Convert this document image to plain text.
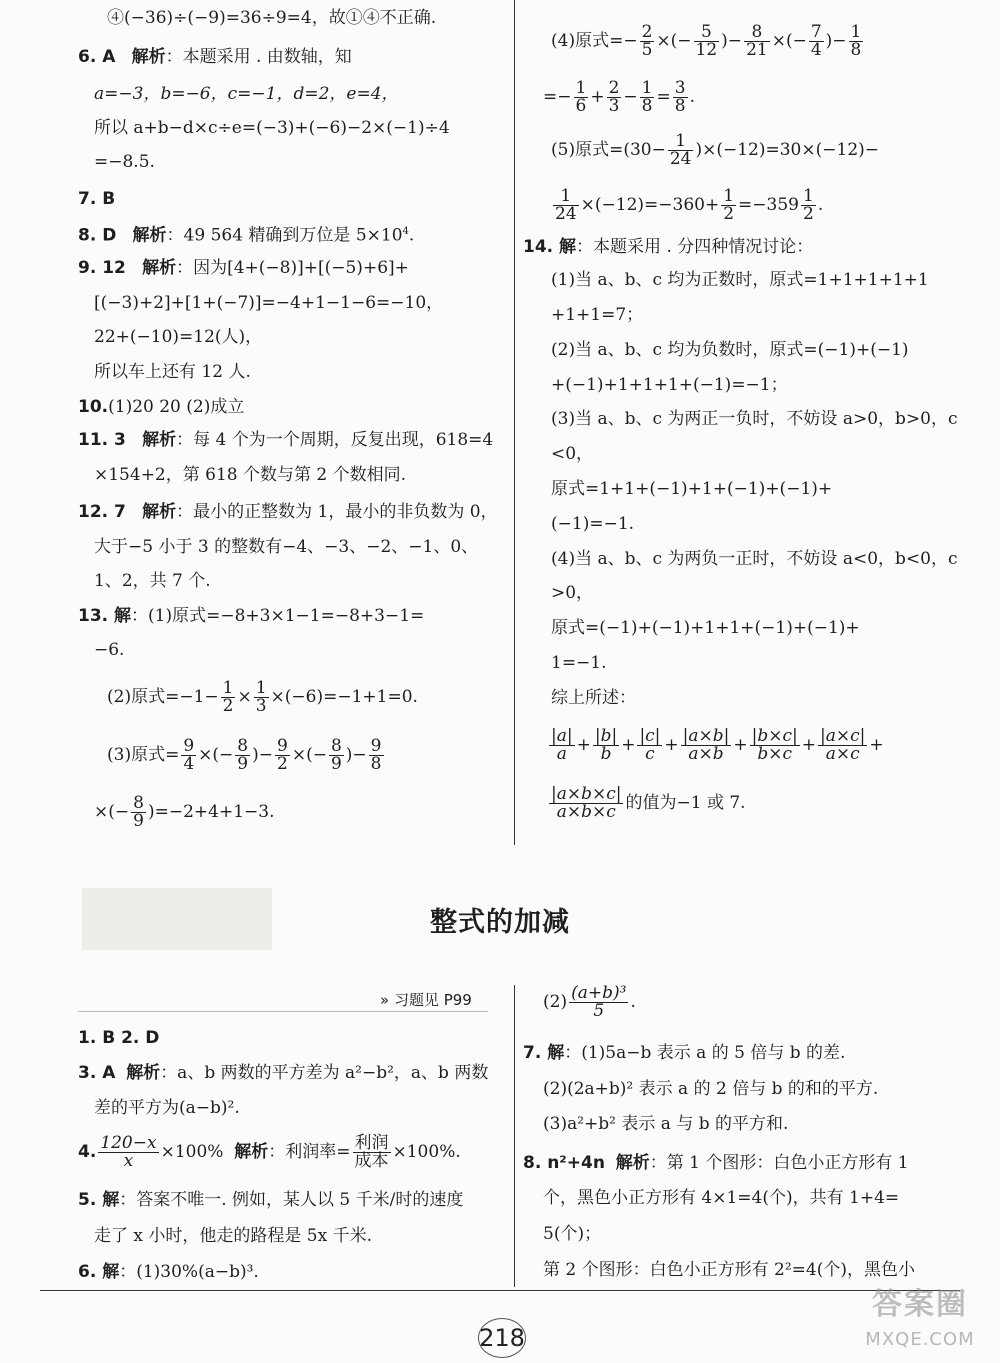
④(−36)÷(−9)=36÷9=4，故①④不正确.
6. A 解析：本题采用 . 由数轴，知
a=−3，b=−6，c=−1，d=2，e=4，
所以 a+b−d×c÷e=(−3)+(−6)−2×(−1)÷4
=−8.5.
7. B
8. D 解析：49 564 精确到万位是 $5\times 10^4$.
9. 12 解析：因为[4+(−8)]+[(−5)+6]+
[(−3)+2]+[1+(−7)]=−4+1−1−6=−10，
22+(−10)=12(人)，
所以车上还有 12 人.
10.(1)20 20 (2)成立
11. 3 解析：每 4 个为一个周期，反复出现，618=4
×154+2，第 618 个数与第 2 个数相同.
12. 7 解析：最小的正整数为 1，最小的非负数为 0，
大于−5 小于 3 的整数有−4、−3、−2、−1、0、
1、2，共 7 个.
13. 解：(1)原式=−8+3×1−1=−8+3−1=
−6.
(2)原式$=-1- \frac{1}{2} \times \frac{1}{3} \times(-6)=-1+1=0$.
(3)原式= $\frac{9}{4}$ ×(− $\frac{8}{9}$ )− $\frac{9}{2}$ ×(− $\frac{8}{9}$ )− $\frac{9}{8}$
×(− $\frac{8}{9} )=-2+4+1-3$.
(4)原式=− $\frac{2}{5}$ ×(− $\frac{5}{12}$ )− $\frac{8}{21}$ ×(− $\frac{7}{4}$ )− $\frac{1}{8}$
=− $\frac{1}{6} + \frac{2}{3} - \frac{1}{8} = \frac{3}{8}$ .
(5)原式$=(30- \frac{1}{24} )\times(-12)=30\times(-12)-$
$\frac{1}{24} \times(-12)=-360+ \frac{1}{2} =-359 \frac{1}{2}$ .
14. 解：本题采用 . 分四种情况讨论：
(1)当 a、b、c 均为正数时，原式=1+1+1+1+1
+1+1=7；
(2)当 a、b、c 均为负数时，原式=(−1)+(−1)
+(−1)+1+1+1+(−1)=−1；
(3)当 a、b、c 为两正一负时，不妨设 a>0，b>0，c
<0，
原式=1+1+(−1)+1+(−1)+(−1)+
(−1)=−1.
(4)当 a、b、c 为两负一正时，不妨设 a<0，b<0，c
>0，
原式=(−1)+(−1)+1+1+(−1)+(−1)+
1=−1.
综上所述：
$\frac{|a|}{a} + \frac{|b|}{b} + \frac{|c|}{c} + \frac{|a\times b|}{a\times b} + \frac{|b\times c|}{b\times c} + \frac{|a\times c|}{a\times c}$ +
$\frac{|a\times b\times c|}{a\times b\times c}$ 的值为−1 或 7.
整式的加减
» 习题见 P99
1. B 2. D
3. A 解析：a、b 两数的平方差为 a²−b²，a、b 两数
差的平方为(a−b)².
4. $\frac{120-x}{x} \times 100\%$ 解析：利润率= $\frac{\text{利润}}{\text{成本}} \times 100\%$.
5. 解：答案不唯一. 例如，某人以 5 千米/时的速度
走了 x 小时，他走的路程是 5x 千米.
6. 解：(1)30%(a−b)³.
$(2) \frac{\text{(a+b)³}}{5}$ .
7. 解：(1)5a−b 表示 a 的 5 倍与 b 的差.
(2)(2a+b)² 表示 a 的 2 倍与 b 的和的平方.
(3)a²+b² 表示 a 与 b 的平方和.
8. n²+4n 解析：第 1 个图形：白色小正方形有 1
个，黑色小正方形有 4×1=4(个)，共有 1+4=
5(个)；
第 2 个图形：白色小正方形有 2²=4(个)，黑色小
218
答案圈
MXQE.COM
